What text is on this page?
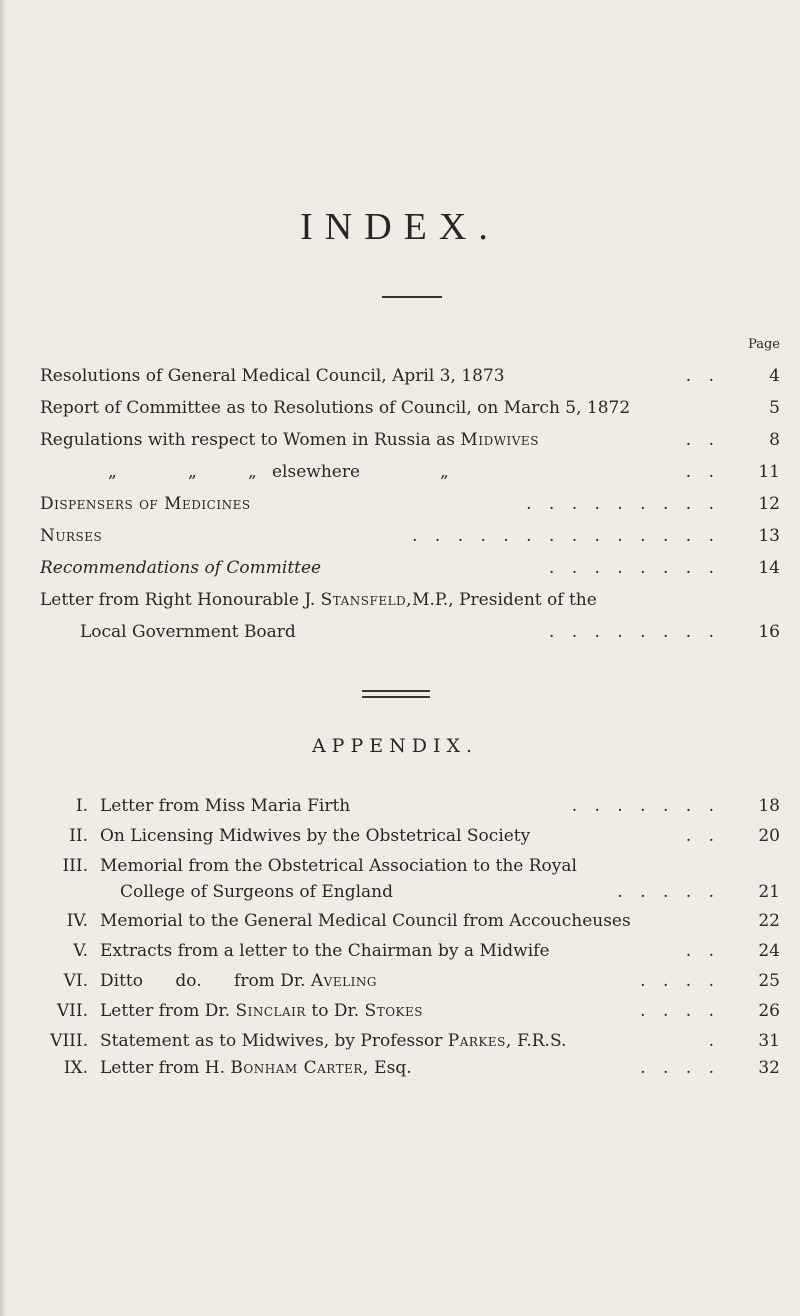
INDEX.
Page
Resolutions of General Medical Council, April 3, 1873	. .	4
Report of Committee as to Resolutions of Council, on March 5, 1872	5
Regulations with respect to Women in Russia as Midwives	. .	8
„	„	„ elsewhere	„	. .	11
Dispensers of Medicines	. . . . . . . . .	12
Nurses	. . . . . . . . . . . . . .	13
Recommendations of Committee	. . . . . . . .	14
Letter from Right Honourable J. Stansfeld,M.P., President of the
Local Government Board	. . . . . . . .	16
APPENDIX.
I. Letter from Miss Maria Firth	. . . . . . .	18
II. On Licensing Midwives by the Obstetrical Society	. .	20
III. Memorial from the Obstetrical Association to the Royal
College of Surgeons of England	. . . . .	21
IV. Memorial to the General Medical Council from Accoucheuses	22
V. Extracts from a letter to the Chairman by a Midwife	. .	24
VI. Ditto      do.      from Dr. Aveling	. . . .	25
VII. Letter from Dr. Sinclair to Dr. Stokes	. . . .	26
VIII. Statement as to Midwives, by Professor Parkes, F.R.S.	.	31
IX. Letter from H. Bonham Carter, Esq.	. . . .	32
